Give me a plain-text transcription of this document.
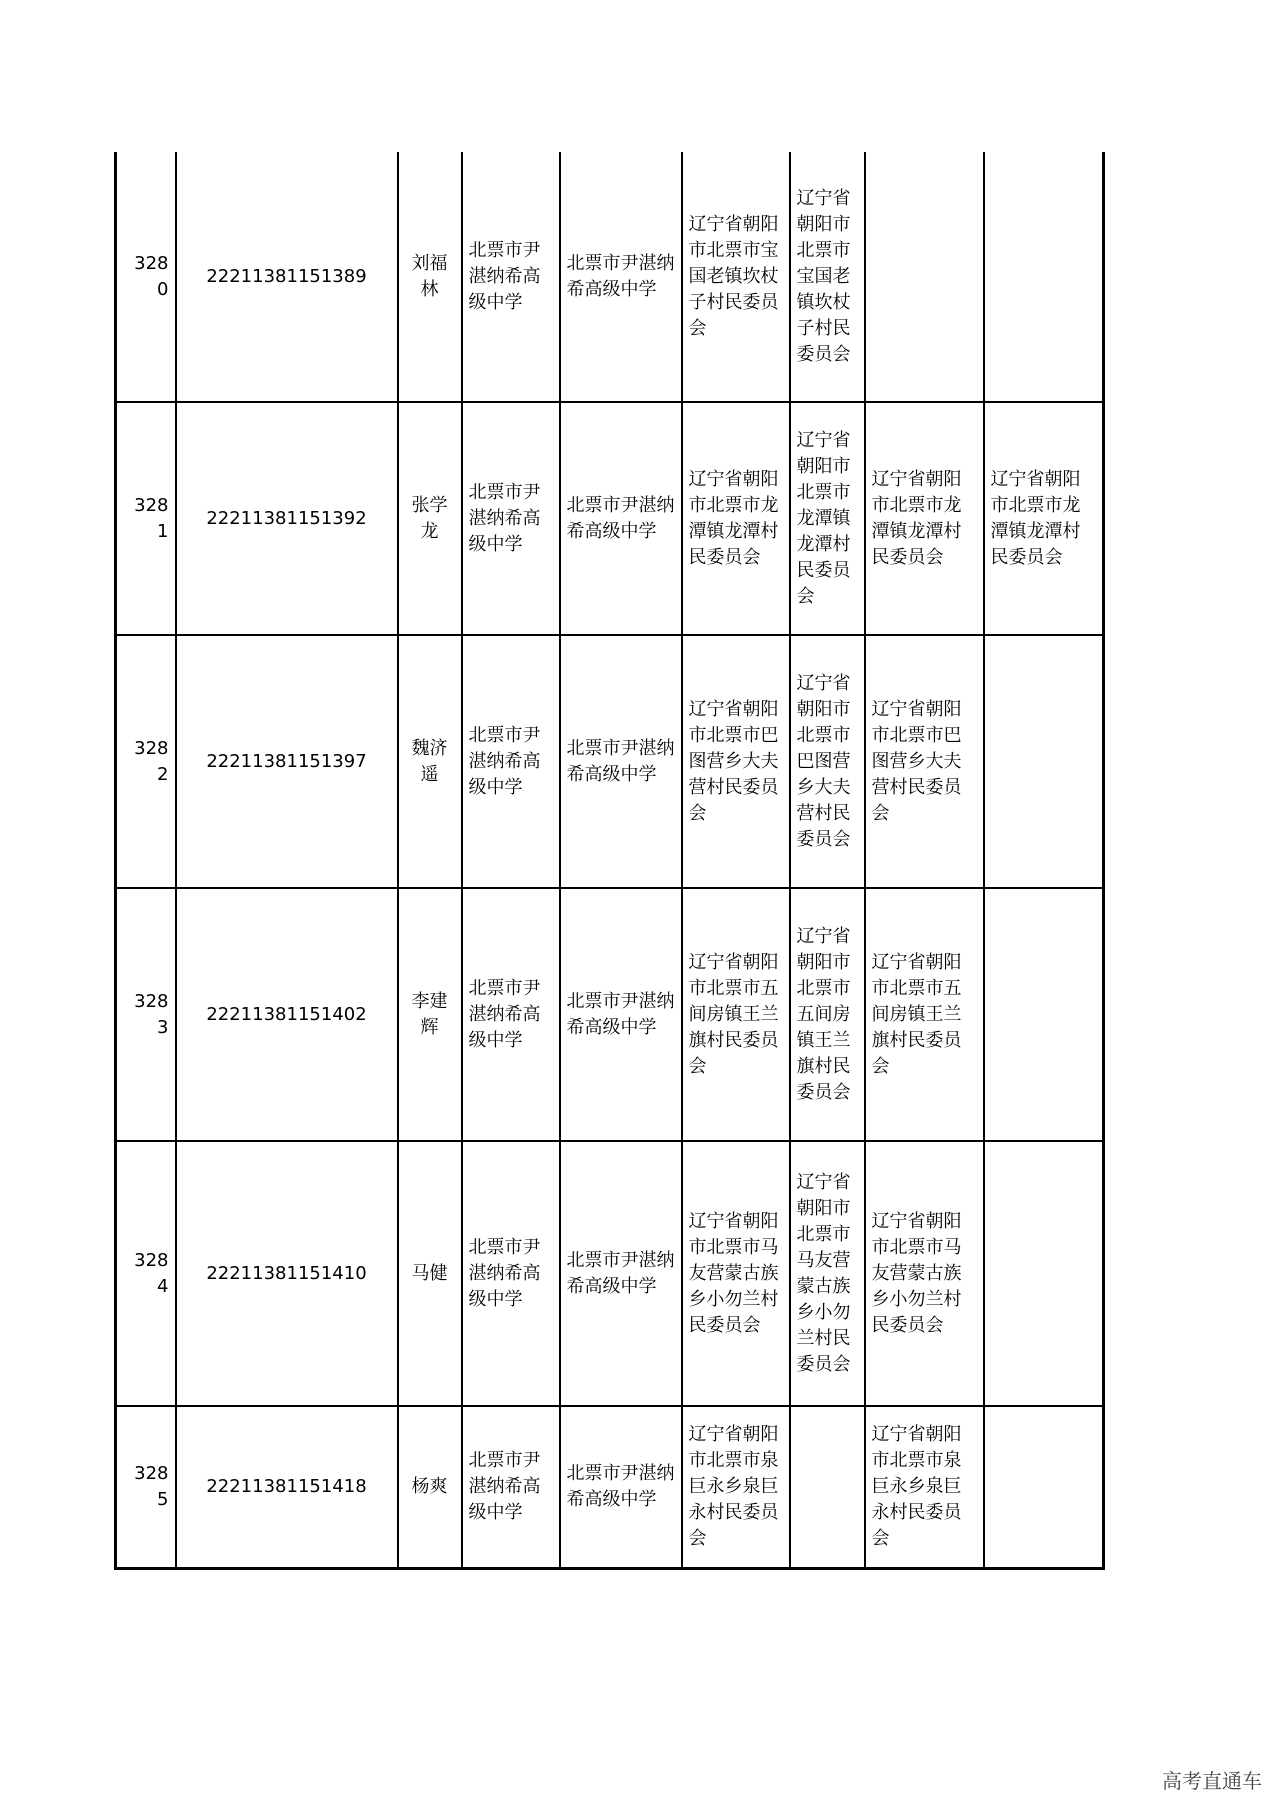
3280	22211381151389	刘福林	北票市尹湛纳希高级中学	北票市尹湛纳希高级中学	辽宁省朝阳市北票市宝国老镇坎杖子村民委员会	辽宁省朝阳市北票市宝国老镇坎杖子村民委员会		
3281	22211381151392	张学龙	北票市尹湛纳希高级中学	北票市尹湛纳希高级中学	辽宁省朝阳市北票市龙潭镇龙潭村民委员会	辽宁省朝阳市北票市龙潭镇龙潭村民委员会	辽宁省朝阳市北票市龙潭镇龙潭村民委员会	辽宁省朝阳市北票市龙潭镇龙潭村民委员会
3282	22211381151397	魏济遥	北票市尹湛纳希高级中学	北票市尹湛纳希高级中学	辽宁省朝阳市北票市巴图营乡大夫营村民委员会	辽宁省朝阳市北票市巴图营乡大夫营村民委员会	辽宁省朝阳市北票市巴图营乡大夫营村民委员会	
3283	22211381151402	李建辉	北票市尹湛纳希高级中学	北票市尹湛纳希高级中学	辽宁省朝阳市北票市五间房镇王兰旗村民委员会	辽宁省朝阳市北票市五间房镇王兰旗村民委员会	辽宁省朝阳市北票市五间房镇王兰旗村民委员会	
3284	22211381151410	马健	北票市尹湛纳希高级中学	北票市尹湛纳希高级中学	辽宁省朝阳市北票市马友营蒙古族乡小勿兰村民委员会	辽宁省朝阳市北票市马友营蒙古族乡小勿兰村民委员会	辽宁省朝阳市北票市马友营蒙古族乡小勿兰村民委员会	
3285	22211381151418	杨爽	北票市尹湛纳希高级中学	北票市尹湛纳希高级中学	辽宁省朝阳市北票市泉巨永乡泉巨永村民委员会		辽宁省朝阳市北票市泉巨永乡泉巨永村民委员会	
高考直通车
